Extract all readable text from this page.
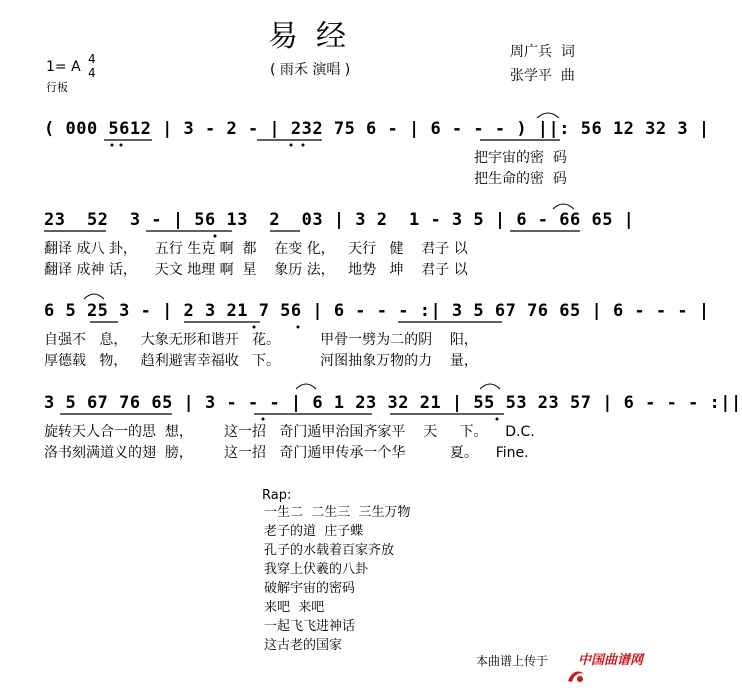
易经
( 雨禾 演唱 )
1= A 4
4
行板
周广兵  词
张学平  曲
( 000 5612 | 3 - 2 - | 232 75 6 - | 6 - - - ) ||: 56 12 32 3 |
把宇宙的密  码
把生命的密  码
23  52  3 - | 56 13  2  03 | 3 2  1 - 3 5 | 6 - 66 65 |
翻译 成八 卦，    五行 生克 啊  都    在变 化，   天行   健    君子 以
翻译 成神 话，    天文 地理 啊  星    象历 法，   地势   坤    君子 以
6 5 25 3 - | 2 3 21 7 56 | 6 - - - :| 3 5 67 76 65 | 6 - - - |
自强不   息，   大象无形和谐开   花。         甲骨一劈为二的阴    阳，
厚德载   物，   趋利避害幸福收   下。         河图抽象万物的力    量，
3 5 67 76 65 | 3 - - - | 6 1 23 32 21 | 55 53 23 57 | 6 - - - :||
旋转天人合一的思  想，       这一招   奇门遁甲治国齐家平    天     下。    D.C.
洛书刻满道义的翅  膀，       这一招   奇门遁甲传承一个华          夏。    Fine.
Rap:
一生二  二生三  三生万物
老子的道  庄子蝶
孔子的水载着百家齐放
我穿上伏羲的八卦
破解宇宙的密码
来吧  来吧
一起飞飞进神话
这古老的国家
本曲谱上传于

中国曲谱网
